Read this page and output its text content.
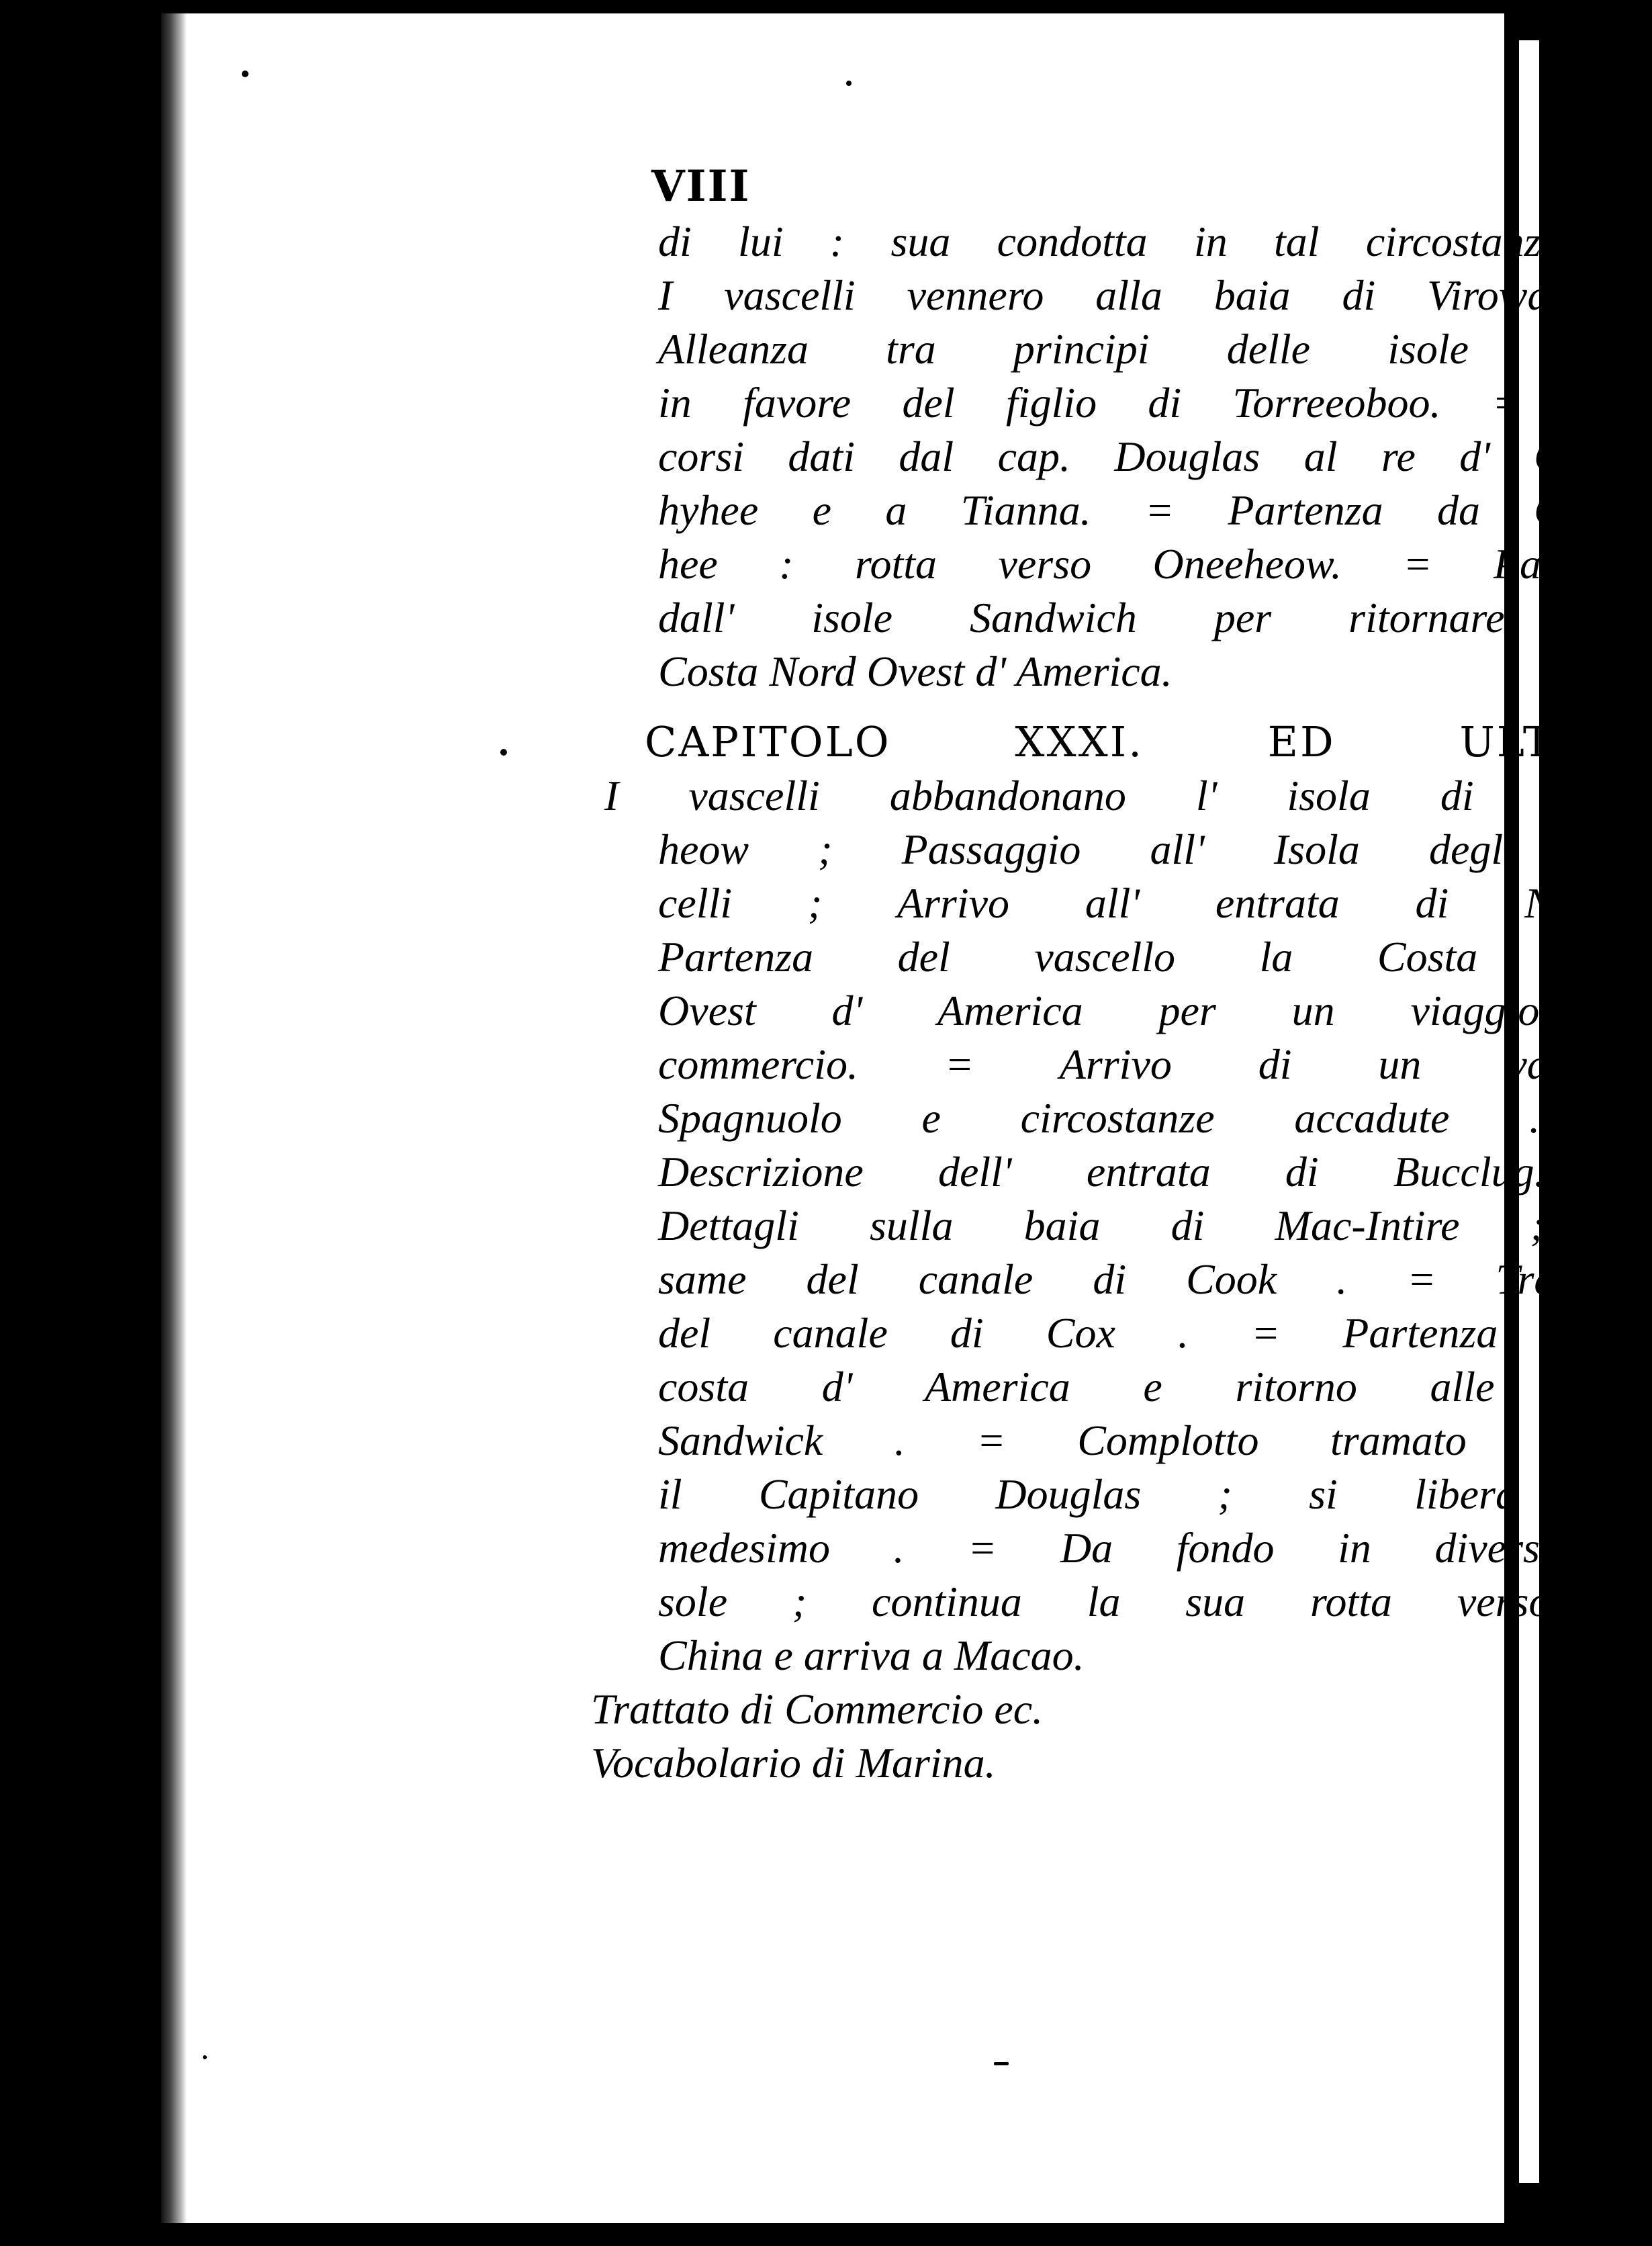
VIII
di lui : sua condotta in tal circostanza. =
I vascelli vennero alla baia di Viroway =
Alleanza tra principi delle isole vicine
in favore del figlio di Torreeoboo. = Soc-
corsi dati dal cap. Douglas al re d' Owhy-
hyhee e a Tianna. = Partenza da Owhy-
hee : rotta verso Oneeheow. = Partenza
dall' isole Sandwich per ritornare alla
Costa Nord Ovest d' America.	171.
CAPITOLO XXXI. ED ULTIMO
I vascelli abbandonano l' isola di Onee-
heow ; Passaggio all' Isola degli Uc-
celli ; Arrivo all' entrata di Nootka
Partenza del vascello la Costa Nord
Ovest d' America per un viaggio di
commercio. = Arrivo di un vascello
Spagnuolo e circostanze accadute . =
Descrizione dell' entrata di Bucclug. =
Dettagli sulla baia di Mac-Intire ; e-
same del canale di Cook . = Traversa
del canale di Cox . = Partenza dalla
costa d' America e ritorno alle isole
Sandwick . = Complotto tramato contro
il Capitano Douglas ; si libera dal
medesimo . = Da fondo in diverse i-
sole ; continua la sua rotta verso la
China e arriva a Macao.	196.
Trattato di Commercio ec.	225.
Vocabolario di Marina.	266.
